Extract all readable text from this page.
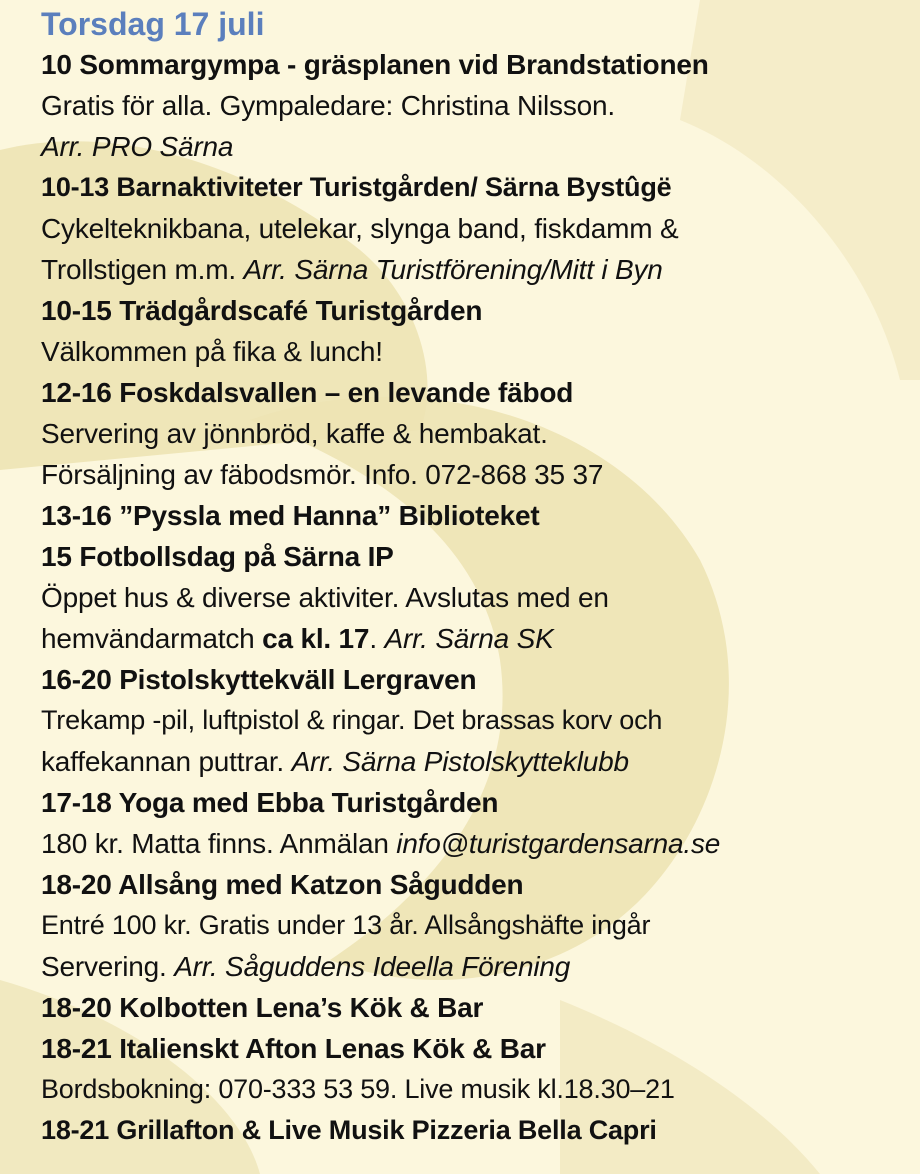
Torsdag 17 juli
10 Sommargympa - gräsplanen vid Brandstationen
Gratis för alla. Gympaledare: Christina Nilsson.
Arr. PRO Särna
10-13 Barnaktiviteter Turistgården/ Särna Bystûgë
Cykelteknikbana, utelekar, slynga band, fiskdamm &
Trollstigen m.m. Arr. Särna Turistförening/Mitt i Byn
10-15 Trädgårdscafé Turistgården
Välkommen på fika & lunch!
12-16 Foskdalsvallen – en levande fäbod
Servering av jönnbröd, kaffe & hembakat.
Försäljning av fäbodsmör. Info. 072-868 35 37
13-16 ”Pyssla med Hanna” Biblioteket
15 Fotbollsdag på Särna IP
Öppet hus & diverse aktiviter. Avslutas med en
hemvändarmatch ca kl. 17. Arr. Särna SK
16-20 Pistolskyttekväll Lergraven
Trekamp -pil, luftpistol & ringar. Det brassas korv och
kaffekannan puttrar. Arr. Särna Pistolskytteklubb
17-18 Yoga med Ebba Turistgården
180 kr. Matta finns. Anmälan info@turistgardensarna.se
18-20 Allsång med Katzon Sågudden
Entré 100 kr. Gratis under 13 år. Allsångshäfte ingår
Servering. Arr. Såguddens Ideella Förening
18-20 Kolbotten Lena’s Kök & Bar
18-21 Italienskt Afton Lenas Kök & Bar
Bordsbokning: 070-333 53 59. Live musik kl.18.30–21
18-21 Grillafton & Live Musik Pizzeria Bella Capri
